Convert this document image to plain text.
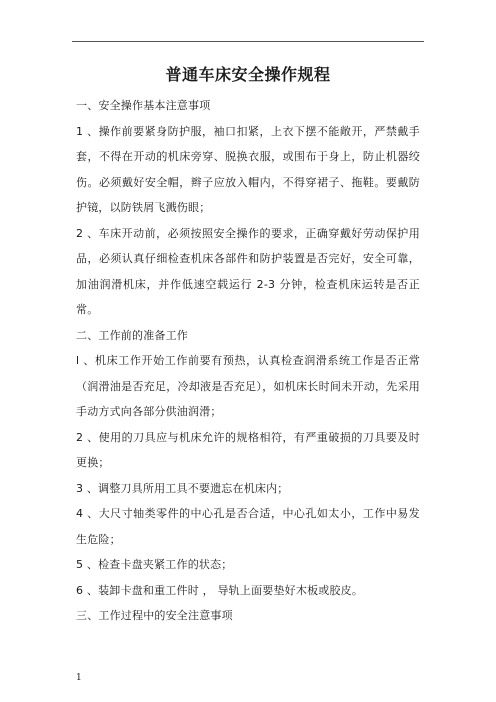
普通车床安全操作规程

一、安全操作基本注意事项

1 、操作前要紧身防护服，袖口扣紧，上衣下摆不能敞开，严禁戴手套，不得在开动的机床旁穿、脱换衣服，或围布于身上，防止机器绞伤。必须戴好安全帽，辫子应放入帽内，不得穿裙子、拖鞋。要戴防护镜，以防铁屑飞溅伤眼；

2 、车床开动前，必须按照安全操作的要求，正确穿戴好劳动保护用品，必须认真仔细检查机床各部件和防护装置是否完好，安全可靠，加油润滑机床，并作低速空载运行 2-3 分钟，检查机床运转是否正常。

二、工作前的准备工作

l 、机床工作开始工作前要有预热，认真检查润滑系统工作是否正常（润滑油是否充足，冷却液是否充足），如机床长时间未开动，先采用手动方式向各部分供油润滑；

2 、使用的刀具应与机床允许的规格相符，有严重破损的刀具要及时更换；

3 、调整刀具所用工具不要遗忘在机床内；

4 、大尺寸轴类零件的中心孔是否合适，中心孔如太小，工作中易发生危险；

5 、检查卡盘夹紧工作的状态；

6 、装卸卡盘和重工件时 ， 导轨上面要垫好木板或胶皮。

三、工作过程中的安全注意事项

1
